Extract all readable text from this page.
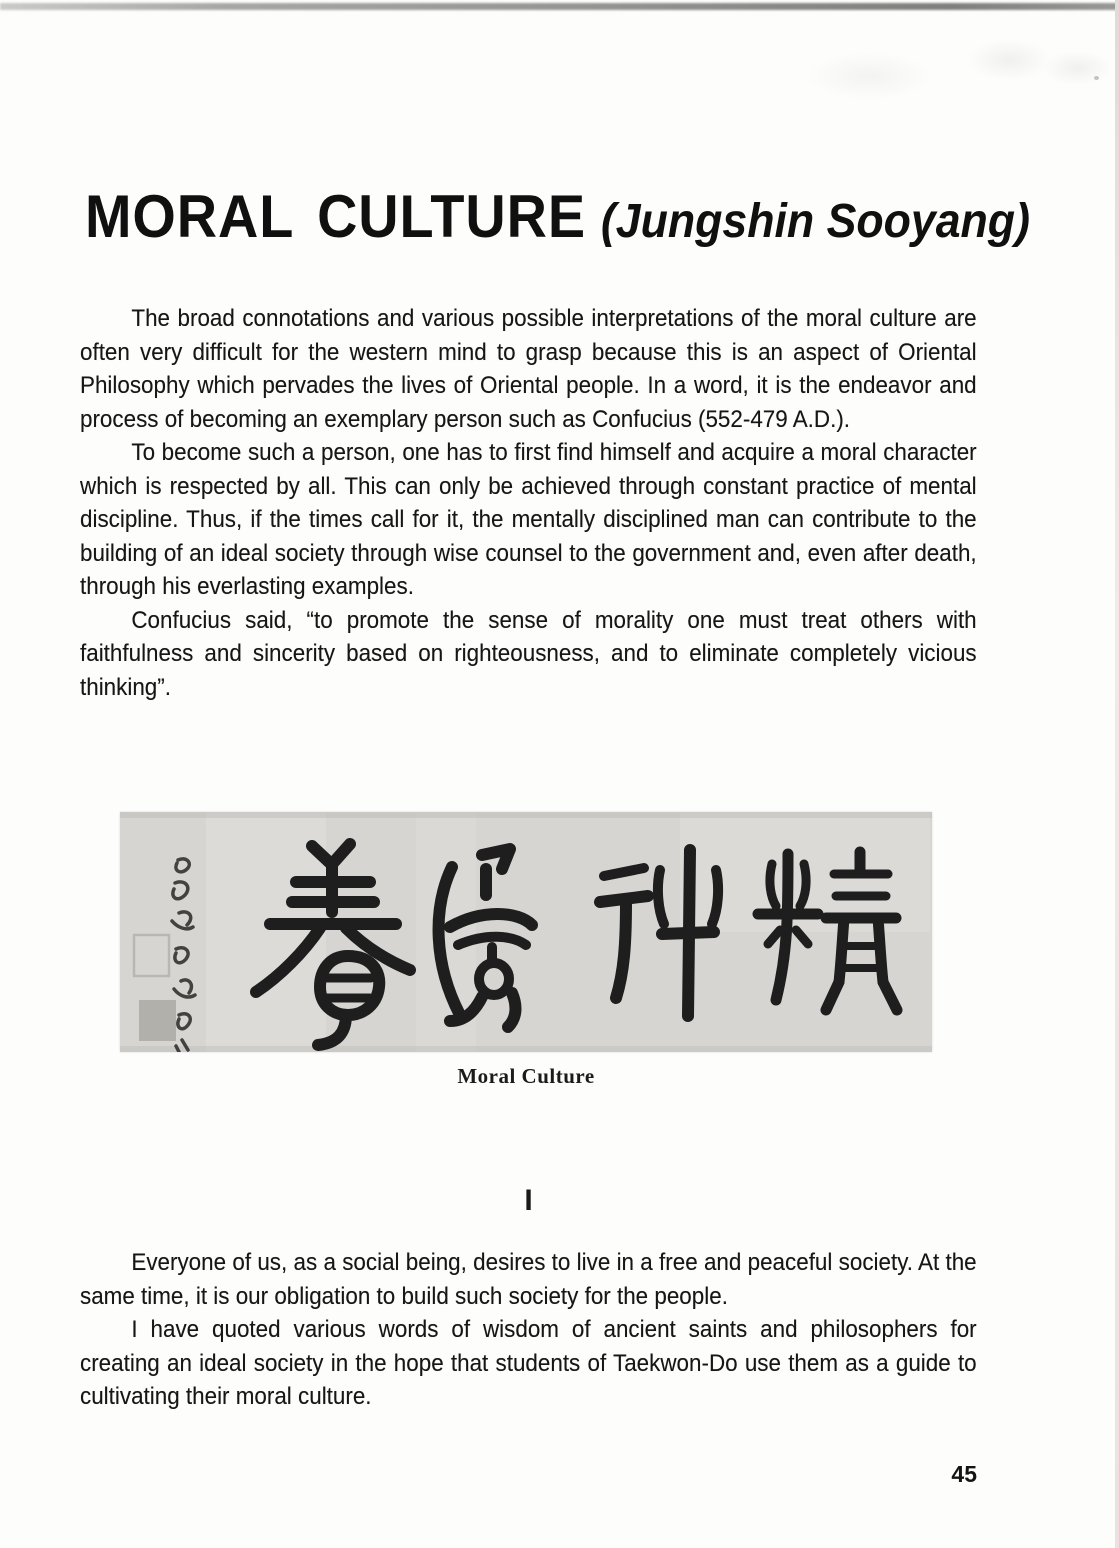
MORAL CULTURE (Jungshin Sooyang)

The broad connotations and various possible interpretations of the moral culture are often very difficult for the western mind to grasp because this is an aspect of Oriental Philosophy which pervades the lives of Oriental people. In a word, it is the endeavor and process of becoming an exemplary person such as Confucius (552-479 A.D.).

To become such a person, one has to first find himself and acquire a moral character which is respected by all. This can only be achieved through constant practice of mental discipline. Thus, if the times call for it, the mentally disciplined man can contribute to the building of an ideal society through wise counsel to the government and, even after death, through his everlasting examples.

Confucius said, “to promote the sense of morality one must treat others with faithfulness and sincerity based on righteousness, and to eliminate completely vicious thinking”.

Moral Culture
I

Everyone of us, as a social being, desires to live in a free and peaceful society. At the same time, it is our obligation to build such society for the people.

I have quoted various words of wisdom of ancient saints and philosophers for creating an ideal society in the hope that students of Taekwon-Do use them as a guide to cultivating their moral culture.

45
